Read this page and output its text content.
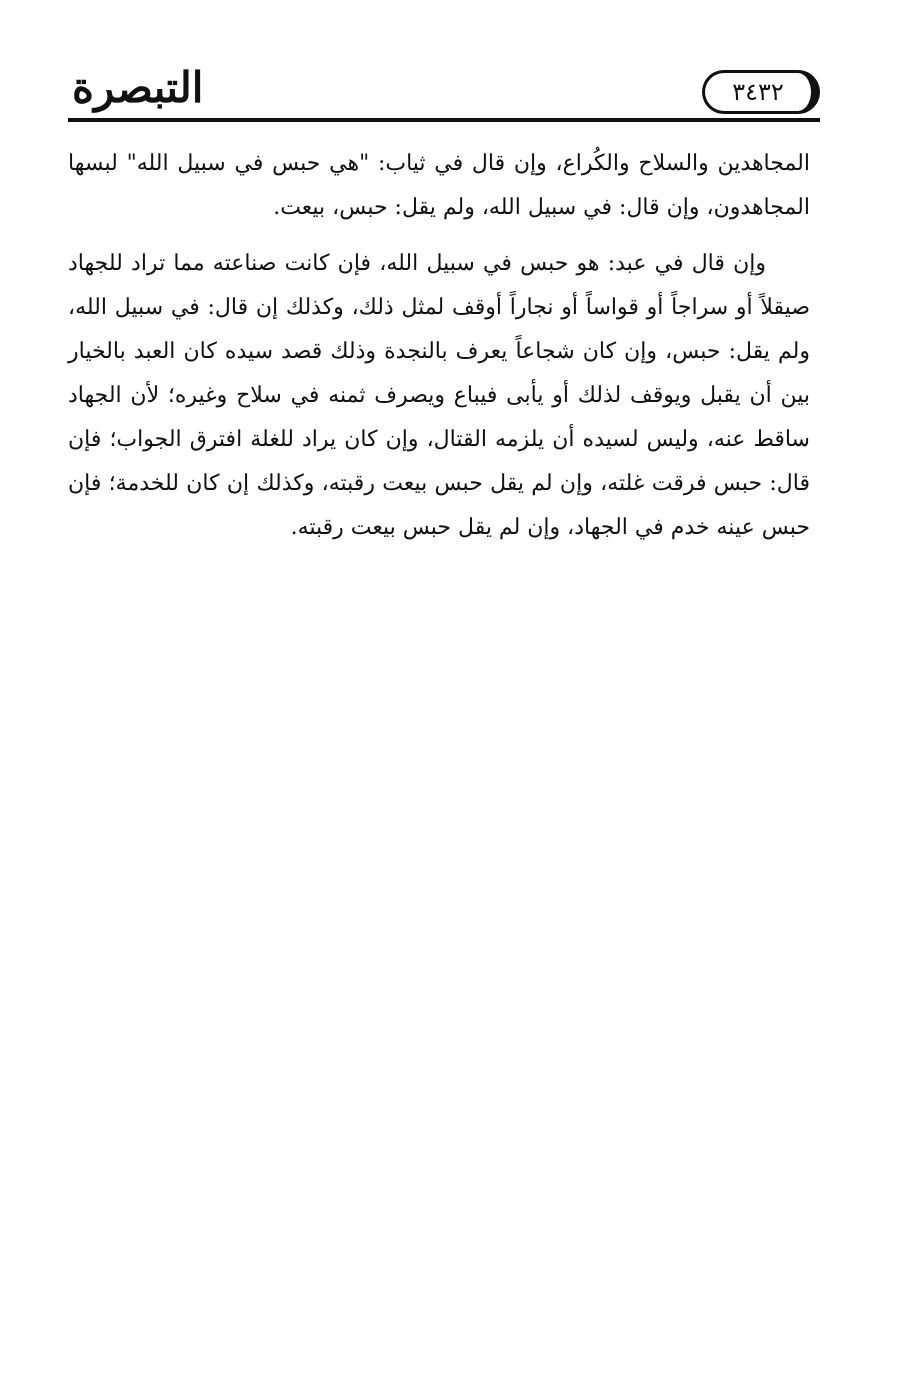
التبصرة	٣٤٣٢

المجاهدين والسلاح والكُراع، وإن قال في ثياب: "هي حبس في سبيل الله" لبسها المجاهدون، وإن قال: في سبيل الله، ولم يقل: حبس، بيعت.

وإن قال في عبد: هو حبس في سبيل الله، فإن كانت صناعته مما تراد للجهاد صيقلاً أو سراجاً أو قواساً أو نجاراً أوقف لمثل ذلك، وكذلك إن قال: في سبيل الله، ولم يقل: حبس، وإن كان شجاعاً يعرف بالنجدة وذلك قصد سيده كان العبد بالخيار بين أن يقبل ويوقف لذلك أو يأبى فيباع ويصرف ثمنه في سلاح وغيره؛ لأن الجهاد ساقط عنه، وليس لسيده أن يلزمه القتال، وإن كان يراد للغلة افترق الجواب؛ فإن قال: حبس فرقت غلته، وإن لم يقل حبس بيعت رقبته، وكذلك إن كان للخدمة؛ فإن حبس عينه خدم في الجهاد، وإن لم يقل حبس بيعت رقبته.
